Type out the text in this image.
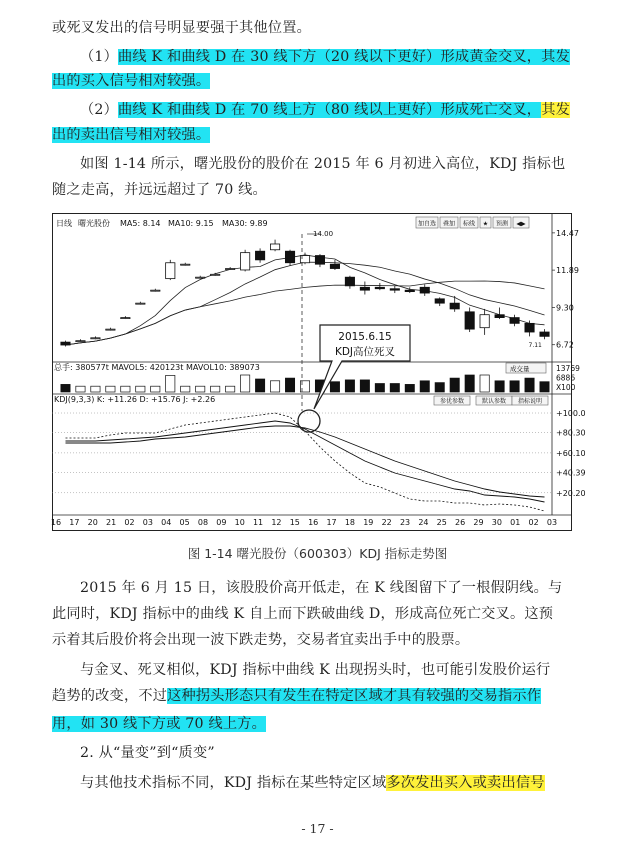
或死叉发出的信号明显要强于其他位置。
（1）曲线 K 和曲线 D 在 30 线下方（20 线以下更好）形成黄金交叉，其发
出的买入信号相对较强。
（2）曲线 K 和曲线 D 在 70 线上方（80 线以上更好）形成死亡交叉，其发
出的卖出信号相对较强。
如图 1-14 所示，曙光股份的股价在 2015 年 6 月初进入高位，KDJ 指标也
随之走高，并远远超过了 70 线。
日线 曙光股份 MA5: 8.14 MA10: 9.15 MA30: 9.89	加自选 叠加 标线 ★ 预测 ◀▶
14.47
11.89
9.30
6.72
7.11
总手: 380577t MAVOL5: 420123t MAVOL10: 389073	成交量	13769
6886
X100
KDJ(9,3,3) K: +11.26 D: +15.76 J: +2.26	参优参数	默认参数 指标说明
+100.0
+80.30
+60.10
+40.39
+20.20
16 17 20 21 02 03 04 05 08 09 10 11 12 15 16 17 18 19 22 23 24 25 26 29 30 01 02 03
14.00
2015.6.15
KDJ高位死叉
图 1-14 曙光股份（600303）KDJ 指标走势图
2015 年 6 月 15 日，该股股价高开低走，在 K 线图留下了一根假阴线。与
此同时，KDJ 指标中的曲线 K 自上而下跌破曲线 D，形成高位死亡交叉。这预
示着其后股价将会出现一波下跌走势，交易者宜卖出手中的股票。
与金叉、死叉相似，KDJ 指标中曲线 K 出现拐头时，也可能引发股价运行
趋势的改变，不过这种拐头形态只有发生在特定区域才具有较强的交易指示作
用，如 30 线下方或 70 线上方。
2. 从“量变”到“质变”
与其他技术指标不同，KDJ 指标在某些特定区域多次发出买入或卖出信号
- 17 -
